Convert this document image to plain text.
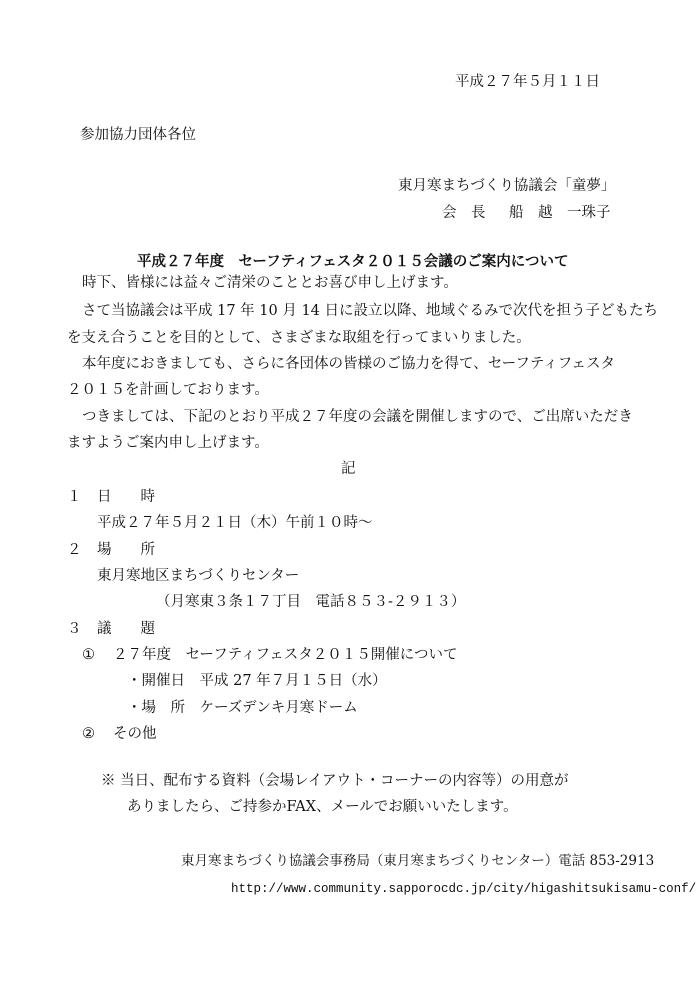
平成２７年５月１１日
参加協力団体各位
東月寒まちづくり協議会「童夢」
会　長 船　越　一珠子
平成２７年度　セーフティフェスタ２０１５会議のご案内について
時下、皆様には益々ご清栄のこととお喜び申し上げます。
さて当協議会は平成 17 年 10 月 14 日に設立以降、地域ぐるみで次代を担う子どもたち
を支え合うことを目的として、さまざまな取組を行ってまいりました。
本年度におきましても、さらに各団体の皆様のご協力を得て、セーフティフェスタ
２０１５を計画しております。
つきましては、下記のとおり平成２７年度の会議を開催しますので、ご出席いただき
ますようご案内申し上げます。
記
１ 日　　時
平成２７年５月２１日（木）午前１０時～
２ 場　　所
東月寒地区まちづくりセンター
（月寒東３条１７丁目　電話８５３-２９１３）
３ 議　　題
① ２７年度　セーフティフェスタ２０１５開催について
・開催日　平成 27 年７月１５日（水）
・場　所　ケーズデンキ月寒ドーム
② その他
※ 当日、配布する資料（会場レイアウト・コーナーの内容等）の用意が
ありましたら、ご持参かFAX、メールでお願いいたします。
東月寒まちづくり協議会事務局（東月寒まちづくりセンター）電話 853-2913
http://www.community.sapporocdc.jp/city/higashitsukisamu-conf/
